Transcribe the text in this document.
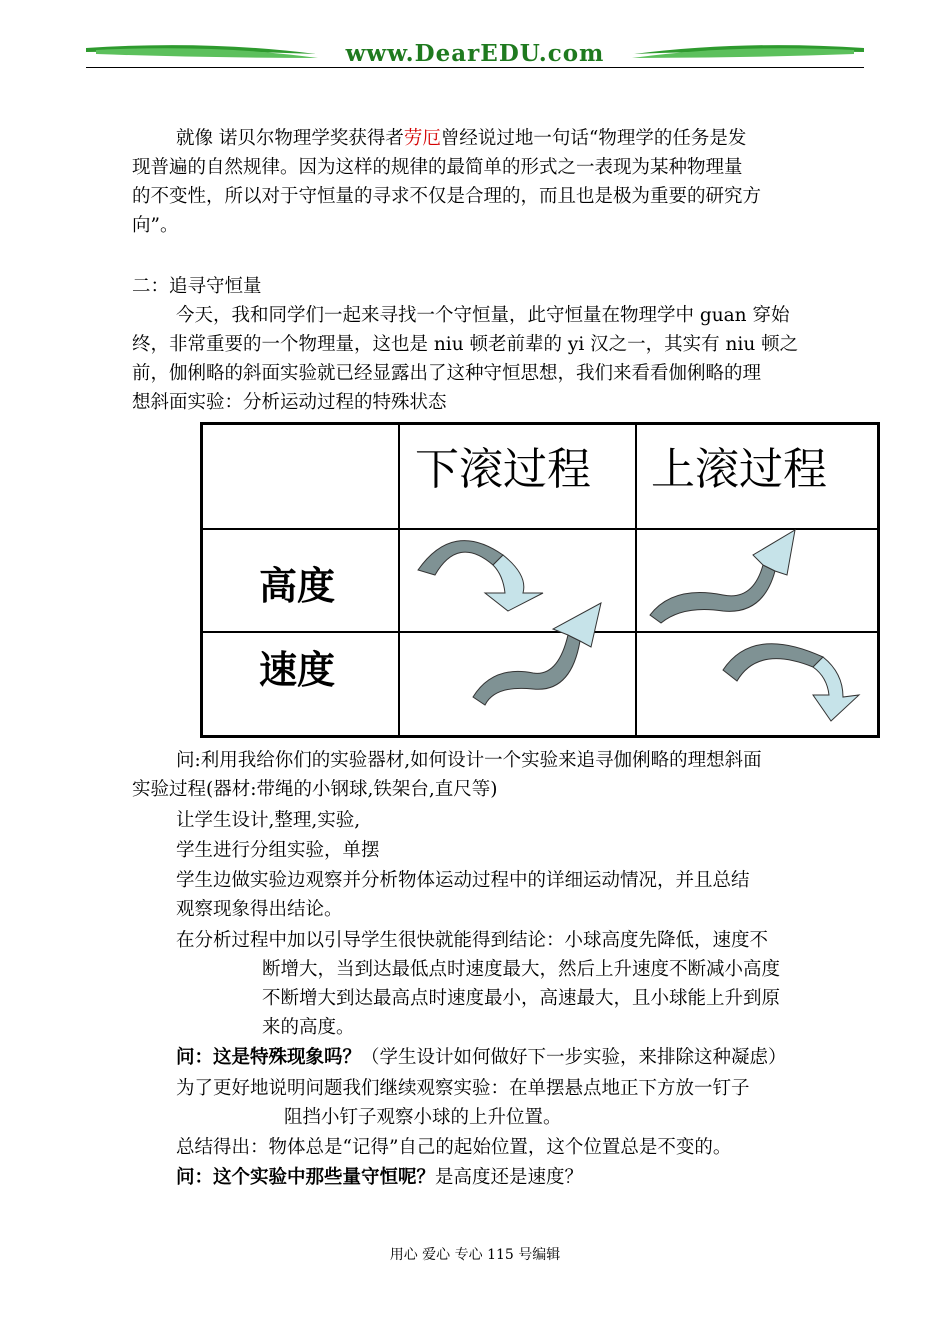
www.DearEDU.com
就像 诺贝尔物理学奖获得者劳厄曾经说过地一句话“物理学的任务是发
现普遍的自然规律。因为这样的规律的最简单的形式之一表现为某种物理量
的不变性，所以对于守恒量的寻求不仅是合理的，而且也是极为重要的研究方
向”。
二：追寻守恒量
今天，我和同学们一起来寻找一个守恒量，此守恒量在物理学中 guan 穿始
终，非常重要的一个物理量，这也是 niu 顿老前辈的 yi 汉之一，其实有 niu 顿之
前，伽俐略的斜面实验就已经显露出了这种守恒思想，我们来看看伽俐略的理
想斜面实验：分析运动过程的特殊状态
下滚过程 上滚过程
高度
速度
问:利用我给你们的实验器材,如何设计一个实验来追寻伽俐略的理想斜面
实验过程(器材:带绳的小钢球,铁架台,直尺等)
让学生设计,整理,实验,
学生进行分组实验，单摆
学生边做实验边观察并分析物体运动过程中的详细运动情况，并且总结
观察现象得出结论。
在分析过程中加以引导学生很快就能得到结论：小球高度先降低，速度不
断增大，当到达最低点时速度最大，然后上升速度不断减小高度
不断增大到达最高点时速度最小，高速最大，且小球能上升到原
来的高度。
问：这是特殊现象吗？（学生设计如何做好下一步实验，来排除这种凝虑）
为了更好地说明问题我们继续观察实验：在单摆悬点地正下方放一钉子
阻挡小钉子观察小球的上升位置。
总结得出：物体总是“记得”自己的起始位置，这个位置总是不变的。
问：这个实验中那些量守恒呢？是高度还是速度？
用心 爱心 专心 115 号编辑
